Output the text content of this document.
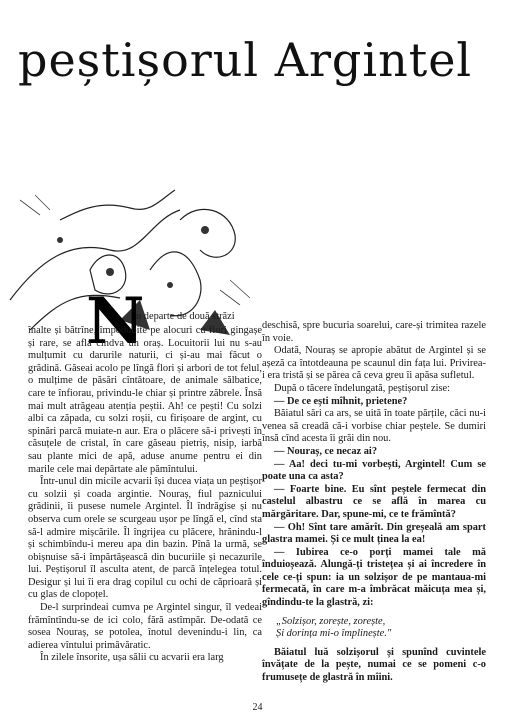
peștișorul Argintel
N
u departe de două străzi

înalte și bătrîne, împodobite pe alocuri cu flori gingașe și rare, se afla cîndva un oraș. Locuitorii lui nu s-au mulțumit cu darurile naturii, ci și-au mai făcut o grădină. Găseai acolo pe lîngă flori și arbori de tot felul, o mulțime de păsări cîntătoare, de animale sălbatice, care te înfiorau, privindu-le chiar și printre zăbrele. Însă mai mult atrăgeau atenția peștii. Ah! ce pești! Cu solzi albi ca zăpada, cu solzi roșii, cu firișoare de argint, cu spinări parcă muiate-n aur. Era o plăcere să-i privești în căsuțele de cristal, în care găseau pietriș, nisip, iarbă sau plante mici de apă, aduse anume pentru ei din marile cele mai depărtate ale pămîntului.

Într-unul din micile acvarii își ducea viața un peștișor cu solzii și coada argintie. Nouraș, fiul paznicului grădinii, îi pusese numele Argintel. Îl îndrăgise și nu observa cum orele se scurgeau ușor pe lîngă el, cînd sta să-l admire mișcările. Îl îngrijea cu plăcere, hrănindu-l și schimbîndu-i mereu apa din bazin. Pînă la urmă, se obișnuise să-i împărtășească din bucuriile și necazurile lui. Peștișorul îl asculta atent, de parcă înțelegea totul. Desigur și lui îi era drag copilul cu ochi de căprioară și cu glas de clopoțel.

De-l surprindeai cumva pe Argintel singur, îl vedeai frămîntîndu-se de ici colo, fără astîmpăr. De-odată ce sosea Nouraș, se potolea, înotul devenindu-i lin, ca adierea vîntului primăvăratic.

În zilele însorite, ușa sălii cu acvarii era larg

deschisă, spre bucuria soarelui, care-și trimitea razele în voie.

Odată, Nouraș se apropie abătut de Argintel și se așeză ca întotdeauna pe scaunul din fața lui. Privirea-i era tristă și se părea că ceva greu îi apăsa sufletul.

După o tăcere îndelungată, peștișorul zise:

— De ce ești mîhnit, prietene?

Băiatul sări ca ars, se uită în toate părțile, căci nu-i venea să creadă că-i vorbise chiar peștele. Se dumiri însă cînd acesta îi grăi din nou.

— Nouraș, ce necaz ai?

— Aa! deci tu-mi vorbești, Argintel! Cum se poate una ca asta?

— Foarte bine. Eu sînt peștele fermecat din castelul albastru ce se află în marea cu mărgăritare. Dar, spune-mi, ce te frămîntă?

— Oh! Sînt tare amărît. Din greșeală am spart glastra mamei. Și ce mult ținea la ea!

— Iubirea ce-o porți mamei tale mă înduioșează. Alungă-ți tristețea și ai încredere în cele ce-ți spun: ia un solzișor de pe mantaua-mi fermecată, în care m-a îmbrăcat măicuța mea și, gîndindu-te la glastră, zi:

„Solzișor, zorește, zorește,
Și dorința mi-o împlinește."

Băiatul luă solzișorul și spunînd cuvintele învățate de la pește, numai ce se pomeni c-o frumusețe de glastră în mîini.

24
